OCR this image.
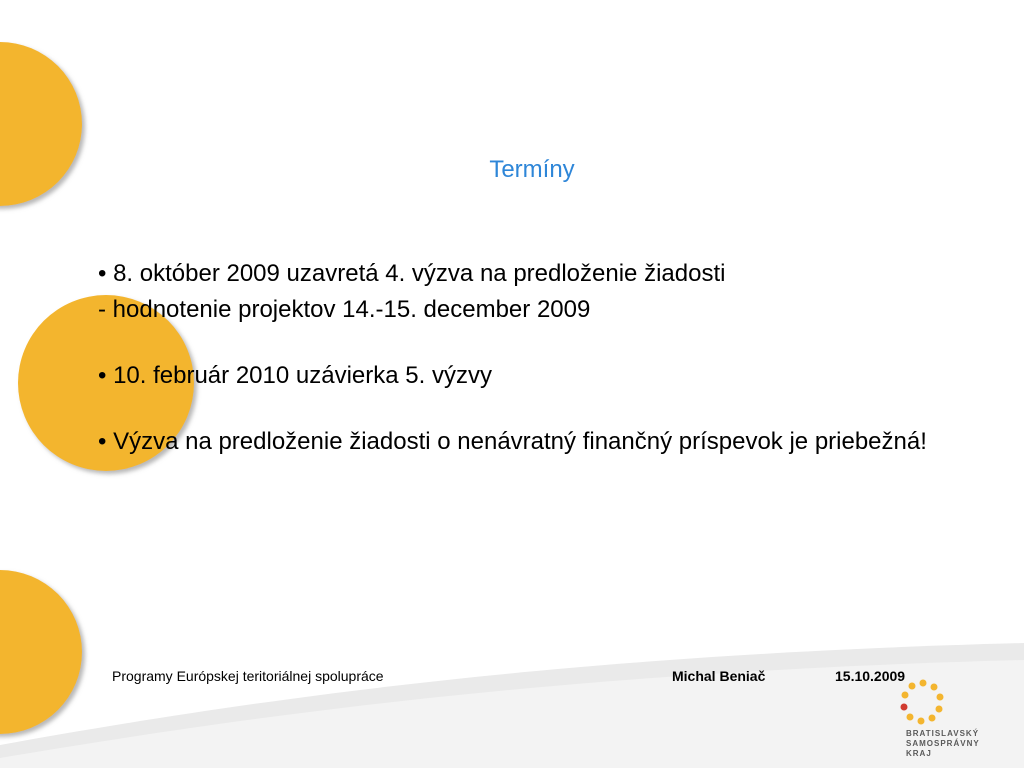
Termíny
• 8. október 2009 uzavretá 4. výzva na predloženie žiadosti
- hodnotenie projektov 14.-15. december 2009
• 10. február 2010 uzávierka 5. výzvy
• Výzva na predloženie žiadosti o nenávratný finančný príspevok je priebežná!
Programy Európskej teritoriálnej spolupráce	Michal Beniač	15.10.2009
BRATISLAVSKÝ
SAMOSPRÁVNY
KRAJ
